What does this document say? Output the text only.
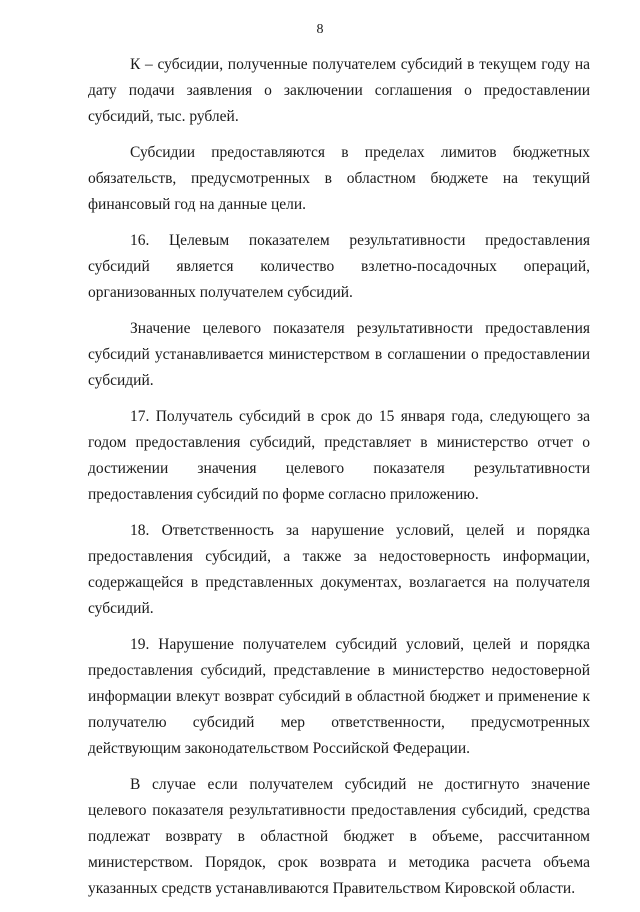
8

К – субсидии, полученные получателем субсидий в текущем году на дату подачи заявления о заключении соглашения о предоставлении субсидий, тыс. рублей.

Субсидии предоставляются в пределах лимитов бюджетных обязательств, предусмотренных в областном бюджете на текущий финансовый год на данные цели.

16. Целевым показателем результативности предоставления субсидий является количество взлетно-посадочных операций, организованных получателем субсидий.

Значение целевого показателя результативности предоставления субсидий устанавливается министерством в соглашении о предоставлении субсидий.

17. Получатель субсидий в срок до 15 января года, следующего за годом предоставления субсидий, представляет в министерство отчет о достижении значения целевого показателя результативности предоставления субсидий по форме согласно приложению.

18. Ответственность за нарушение условий, целей и порядка предоставления субсидий, а также за недостоверность информации, содержащейся в представленных документах, возлагается на получателя субсидий.

19. Нарушение получателем субсидий условий, целей и порядка предоставления субсидий, представление в министерство недостоверной информации влекут возврат субсидий в областной бюджет и применение к получателю субсидий мер ответственности, предусмотренных действующим законодательством Российской Федерации.

В случае если получателем субсидий не достигнуто значение целевого показателя результативности предоставления субсидий, средства подлежат возврату в областной бюджет в объеме, рассчитанном министерством. Порядок, срок возврата и методика расчета объема указанных средств устанавливаются Правительством Кировской области.
